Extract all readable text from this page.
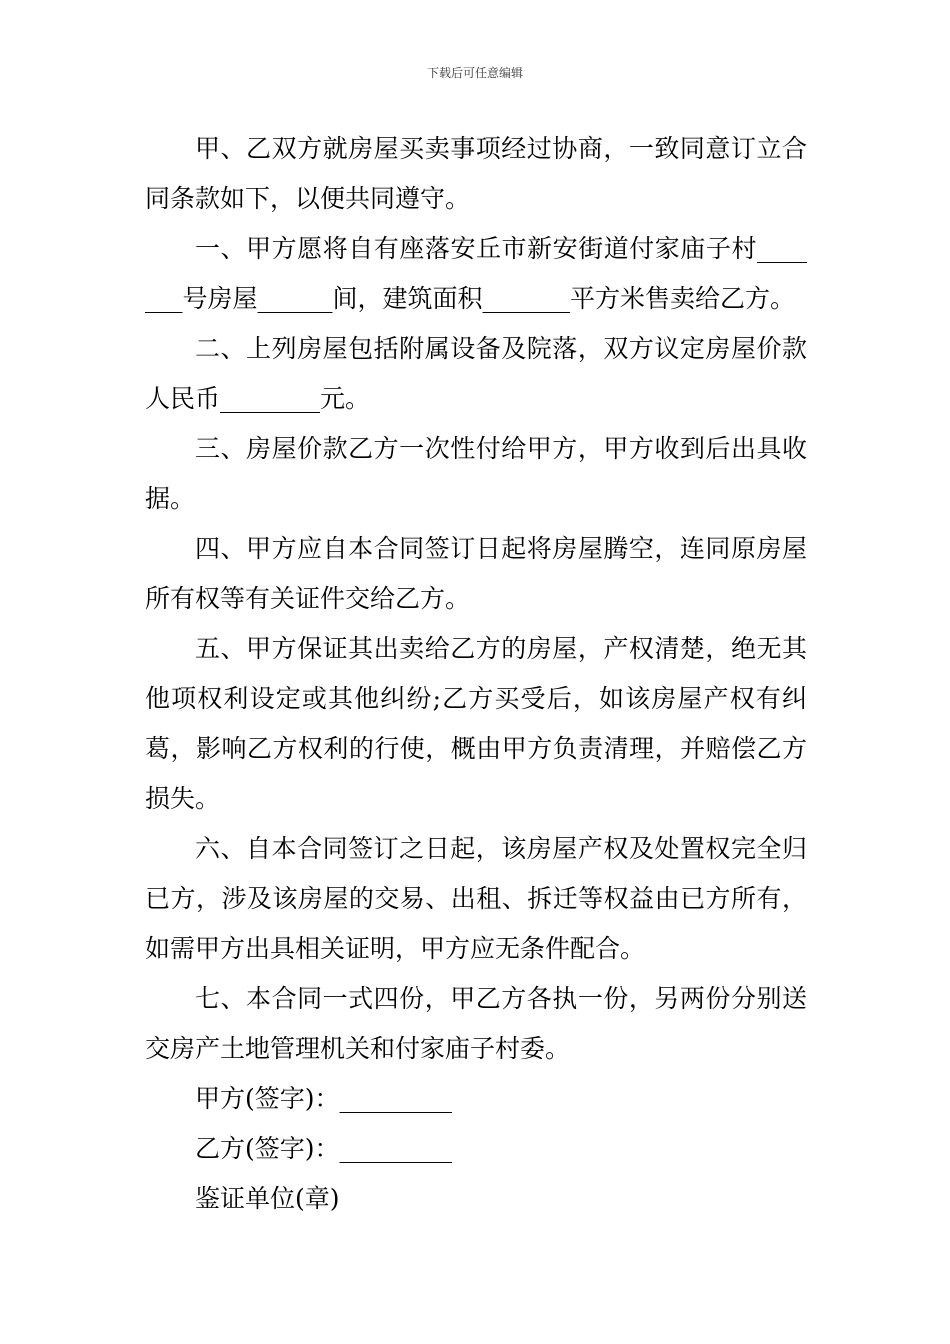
下载后可任意编辑

甲、乙双方就房屋买卖事项经过协商，一致同意订立合同条款如下，以便共同遵守。

一、甲方愿将自有座落安丘市新安街道付家庙子村_______号房屋______间，建筑面积_______平方米售卖给乙方。

二、上列房屋包括附属设备及院落，双方议定房屋价款人民币________元。

三、房屋价款乙方一次性付给甲方，甲方收到后出具收据。

四、甲方应自本合同签订日起将房屋腾空，连同原房屋所有权等有关证件交给乙方。

五、甲方保证其出卖给乙方的房屋，产权清楚，绝无其他项权利设定或其他纠纷;乙方买受后，如该房屋产权有纠葛，影响乙方权利的行使，概由甲方负责清理，并赔偿乙方损失。

六、自本合同签订之日起，该房屋产权及处置权完全归已方，涉及该房屋的交易、出租、拆迁等权益由已方所有，如需甲方出具相关证明，甲方应无条件配合。

七、本合同一式四份，甲乙方各执一份，另两份分别送交房产土地管理机关和付家庙子村委。

甲方(签字)：_________

乙方(签字)：_________

鉴证单位(章)
